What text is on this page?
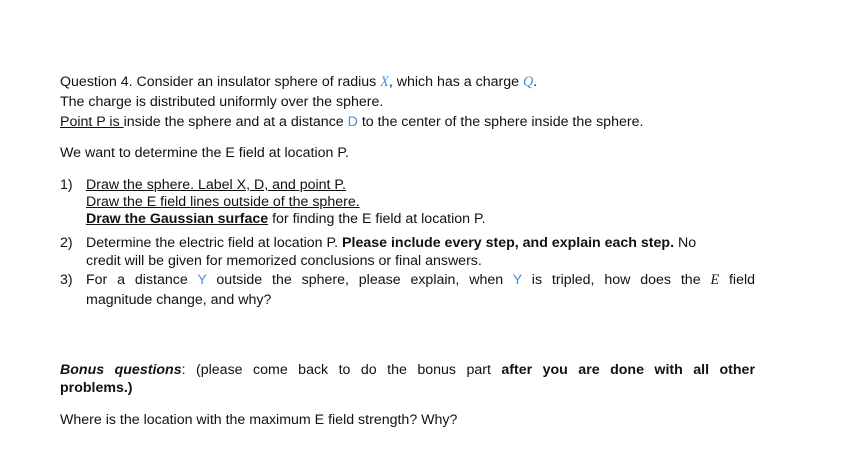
Question 4. Consider an insulator sphere of radius X, which has a charge Q.
The charge is distributed uniformly over the sphere.
Point P is inside the sphere and at a distance D to the center of the sphere inside the sphere.
We want to determine the E field at location P.
1) Draw the sphere. Label X, D, and point P.
Draw the E field lines outside of the sphere.
Draw the Gaussian surface for finding the E field at location P.
2) Determine the electric field at location P. Please include every step, and explain each step. No
credit will be given for memorized conclusions or final answers.
3) For a distance Y outside the sphere, please explain, when Y is tripled, how does the E field
magnitude change, and why?
Bonus questions: (please come back to do the bonus part after you are done with all other
problems.)
Where is the location with the maximum E field strength? Why?
